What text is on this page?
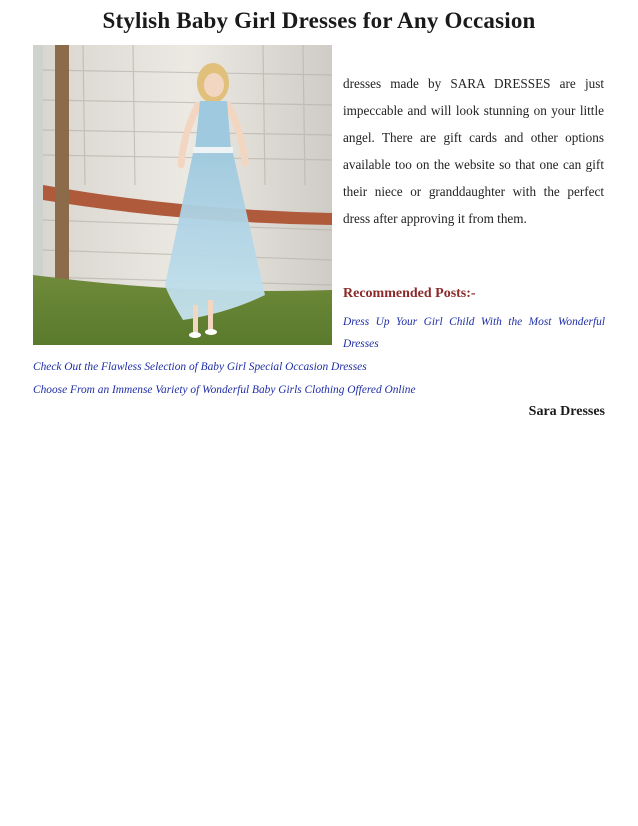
Stylish Baby Girl Dresses for Any Occasion
dresses made by SARA DRESSES are just impeccable and will look stunning on your little angel. There are gift cards and other options available too on the website so that one can gift their niece or granddaughter with the perfect dress after approving it from them.
Recommended Posts:-
Dress Up Your Girl Child With the Most Wonderful Dresses
Check Out the Flawless Selection of Baby Girl Special Occasion Dresses
Choose From an Immense Variety of Wonderful Baby Girls Clothing Offered Online
Sara Dresses
